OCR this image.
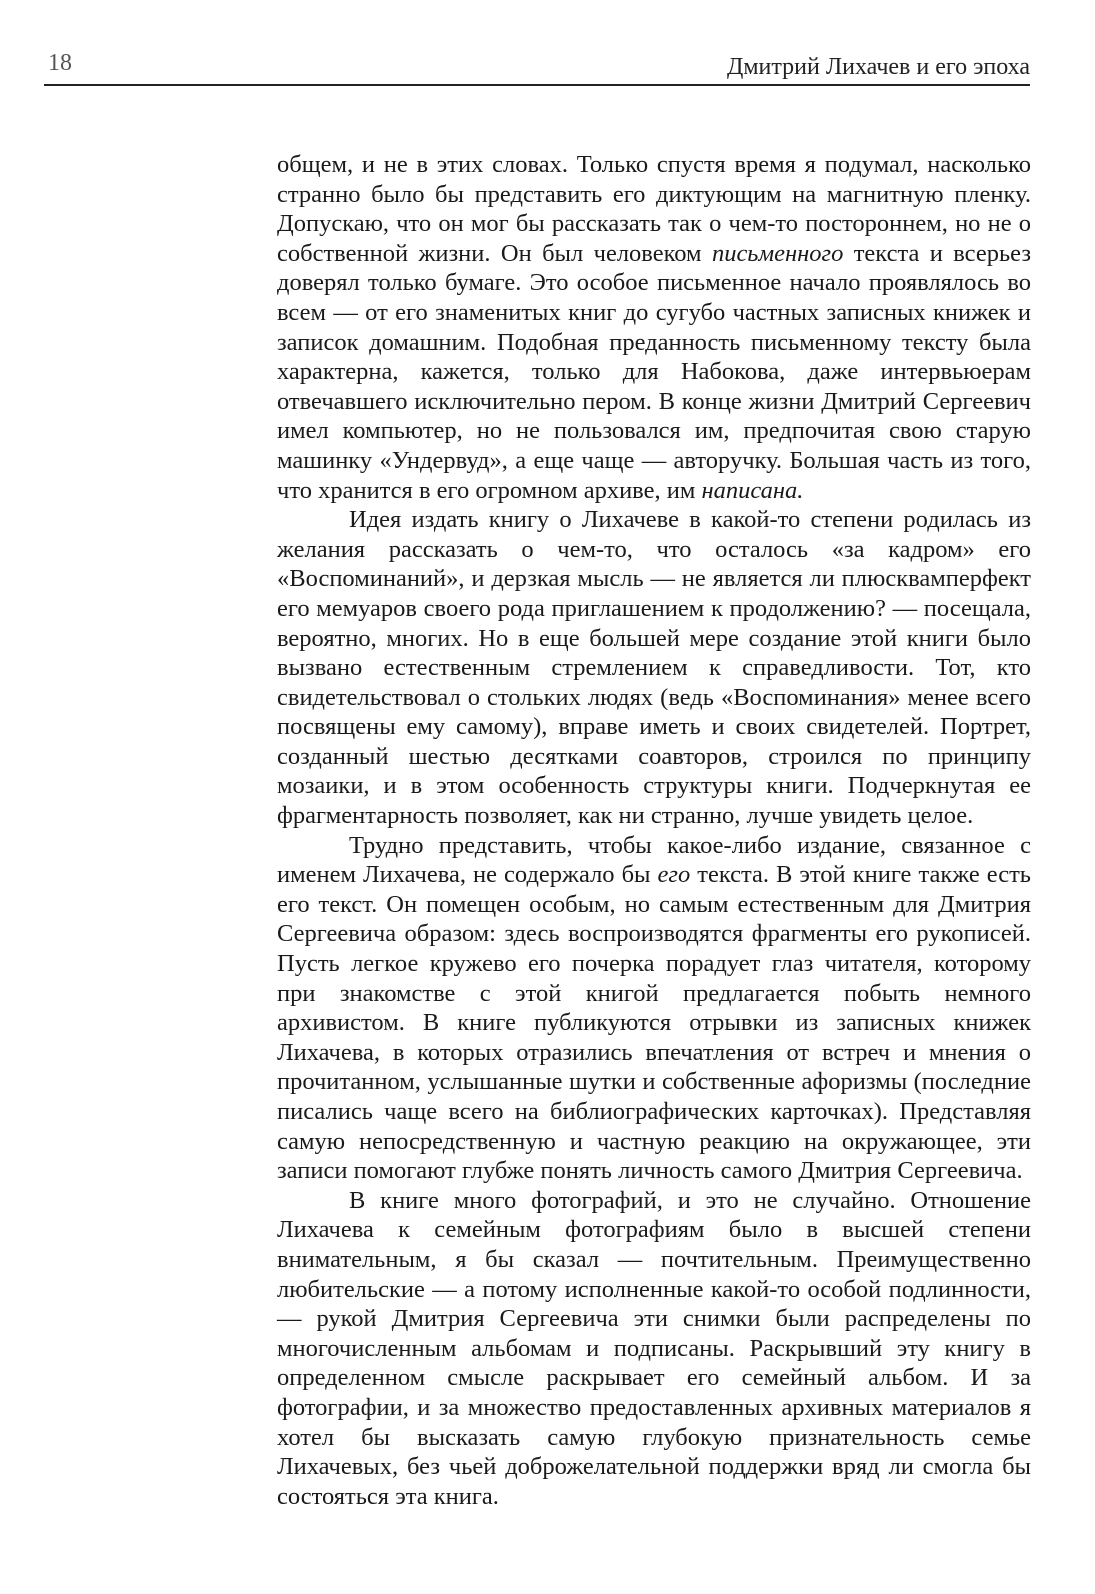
18	Дмитрий Лихачев и его эпоха

общем, и не в этих словах. Только спустя время я подумал, насколько странно было бы представить его диктующим на магнитную пленку. Допускаю, что он мог бы рассказать так о чем-то постороннем, но не о собственной жизни. Он был человеком письменного текста и всерьез доверял только бумаге. Это особое письменное начало проявлялось во всем — от его знаменитых книг до сугубо частных записных книжек и записок домашним. Подобная преданность письменному тексту была характерна, кажется, только для Набокова, даже интервьюерам отвечавшего исключительно пером. В конце жизни Дмитрий Сергеевич имел компьютер, но не пользовался им, предпочитая свою старую машинку «Ундервуд», а еще чаще — авторучку. Большая часть из того, что хранится в его огромном архиве, им написана.

Идея издать книгу о Лихачеве в какой-то степени родилась из желания рассказать о чем-то, что осталось «за кадром» его «Воспоминаний», и дерзкая мысль — не является ли плюсквамперфект его мемуаров своего рода приглашением к продолжению? — посещала, вероятно, многих. Но в еще большей мере создание этой книги было вызвано естественным стремлением к справедливости. Тот, кто свидетельствовал о стольких людях (ведь «Воспоминания» менее всего посвящены ему самому), вправе иметь и своих свидетелей. Портрет, созданный шестью десятками соавторов, строился по принципу мозаики, и в этом особенность структуры книги. Подчеркнутая ее фрагментарность позволяет, как ни странно, лучше увидеть целое.

Трудно представить, чтобы какое-либо издание, связанное с именем Лихачева, не содержало бы его текста. В этой книге также есть его текст. Он помещен особым, но самым естественным для Дмитрия Сергеевича образом: здесь воспроизводятся фрагменты его рукописей. Пусть легкое кружево его почерка порадует глаз читателя, которому при знакомстве с этой книгой предлагается побыть немного архивистом. В книге публикуются отрывки из записных книжек Лихачева, в которых отразились впечатления от встреч и мнения о прочитанном, услышанные шутки и собственные афоризмы (последние писались чаще всего на библиографических карточках). Представляя самую непосредственную и частную реакцию на окружающее, эти записи помогают глубже понять личность самого Дмитрия Сергеевича.

В книге много фотографий, и это не случайно. Отношение Лихачева к семейным фотографиям было в высшей степени внимательным, я бы сказал — почтительным. Преимущественно любительские — а потому исполненные какой-то особой подлинности, — рукой Дмитрия Сергеевича эти снимки были распределены по многочисленным альбомам и подписаны. Раскрывший эту книгу в определенном смысле раскрывает его семейный альбом. И за фотографии, и за множество предоставленных архивных материалов я хотел бы высказать самую глубокую признательность семье Лихачевых, без чьей доброжелательной поддержки вряд ли смогла бы состояться эта книга.
